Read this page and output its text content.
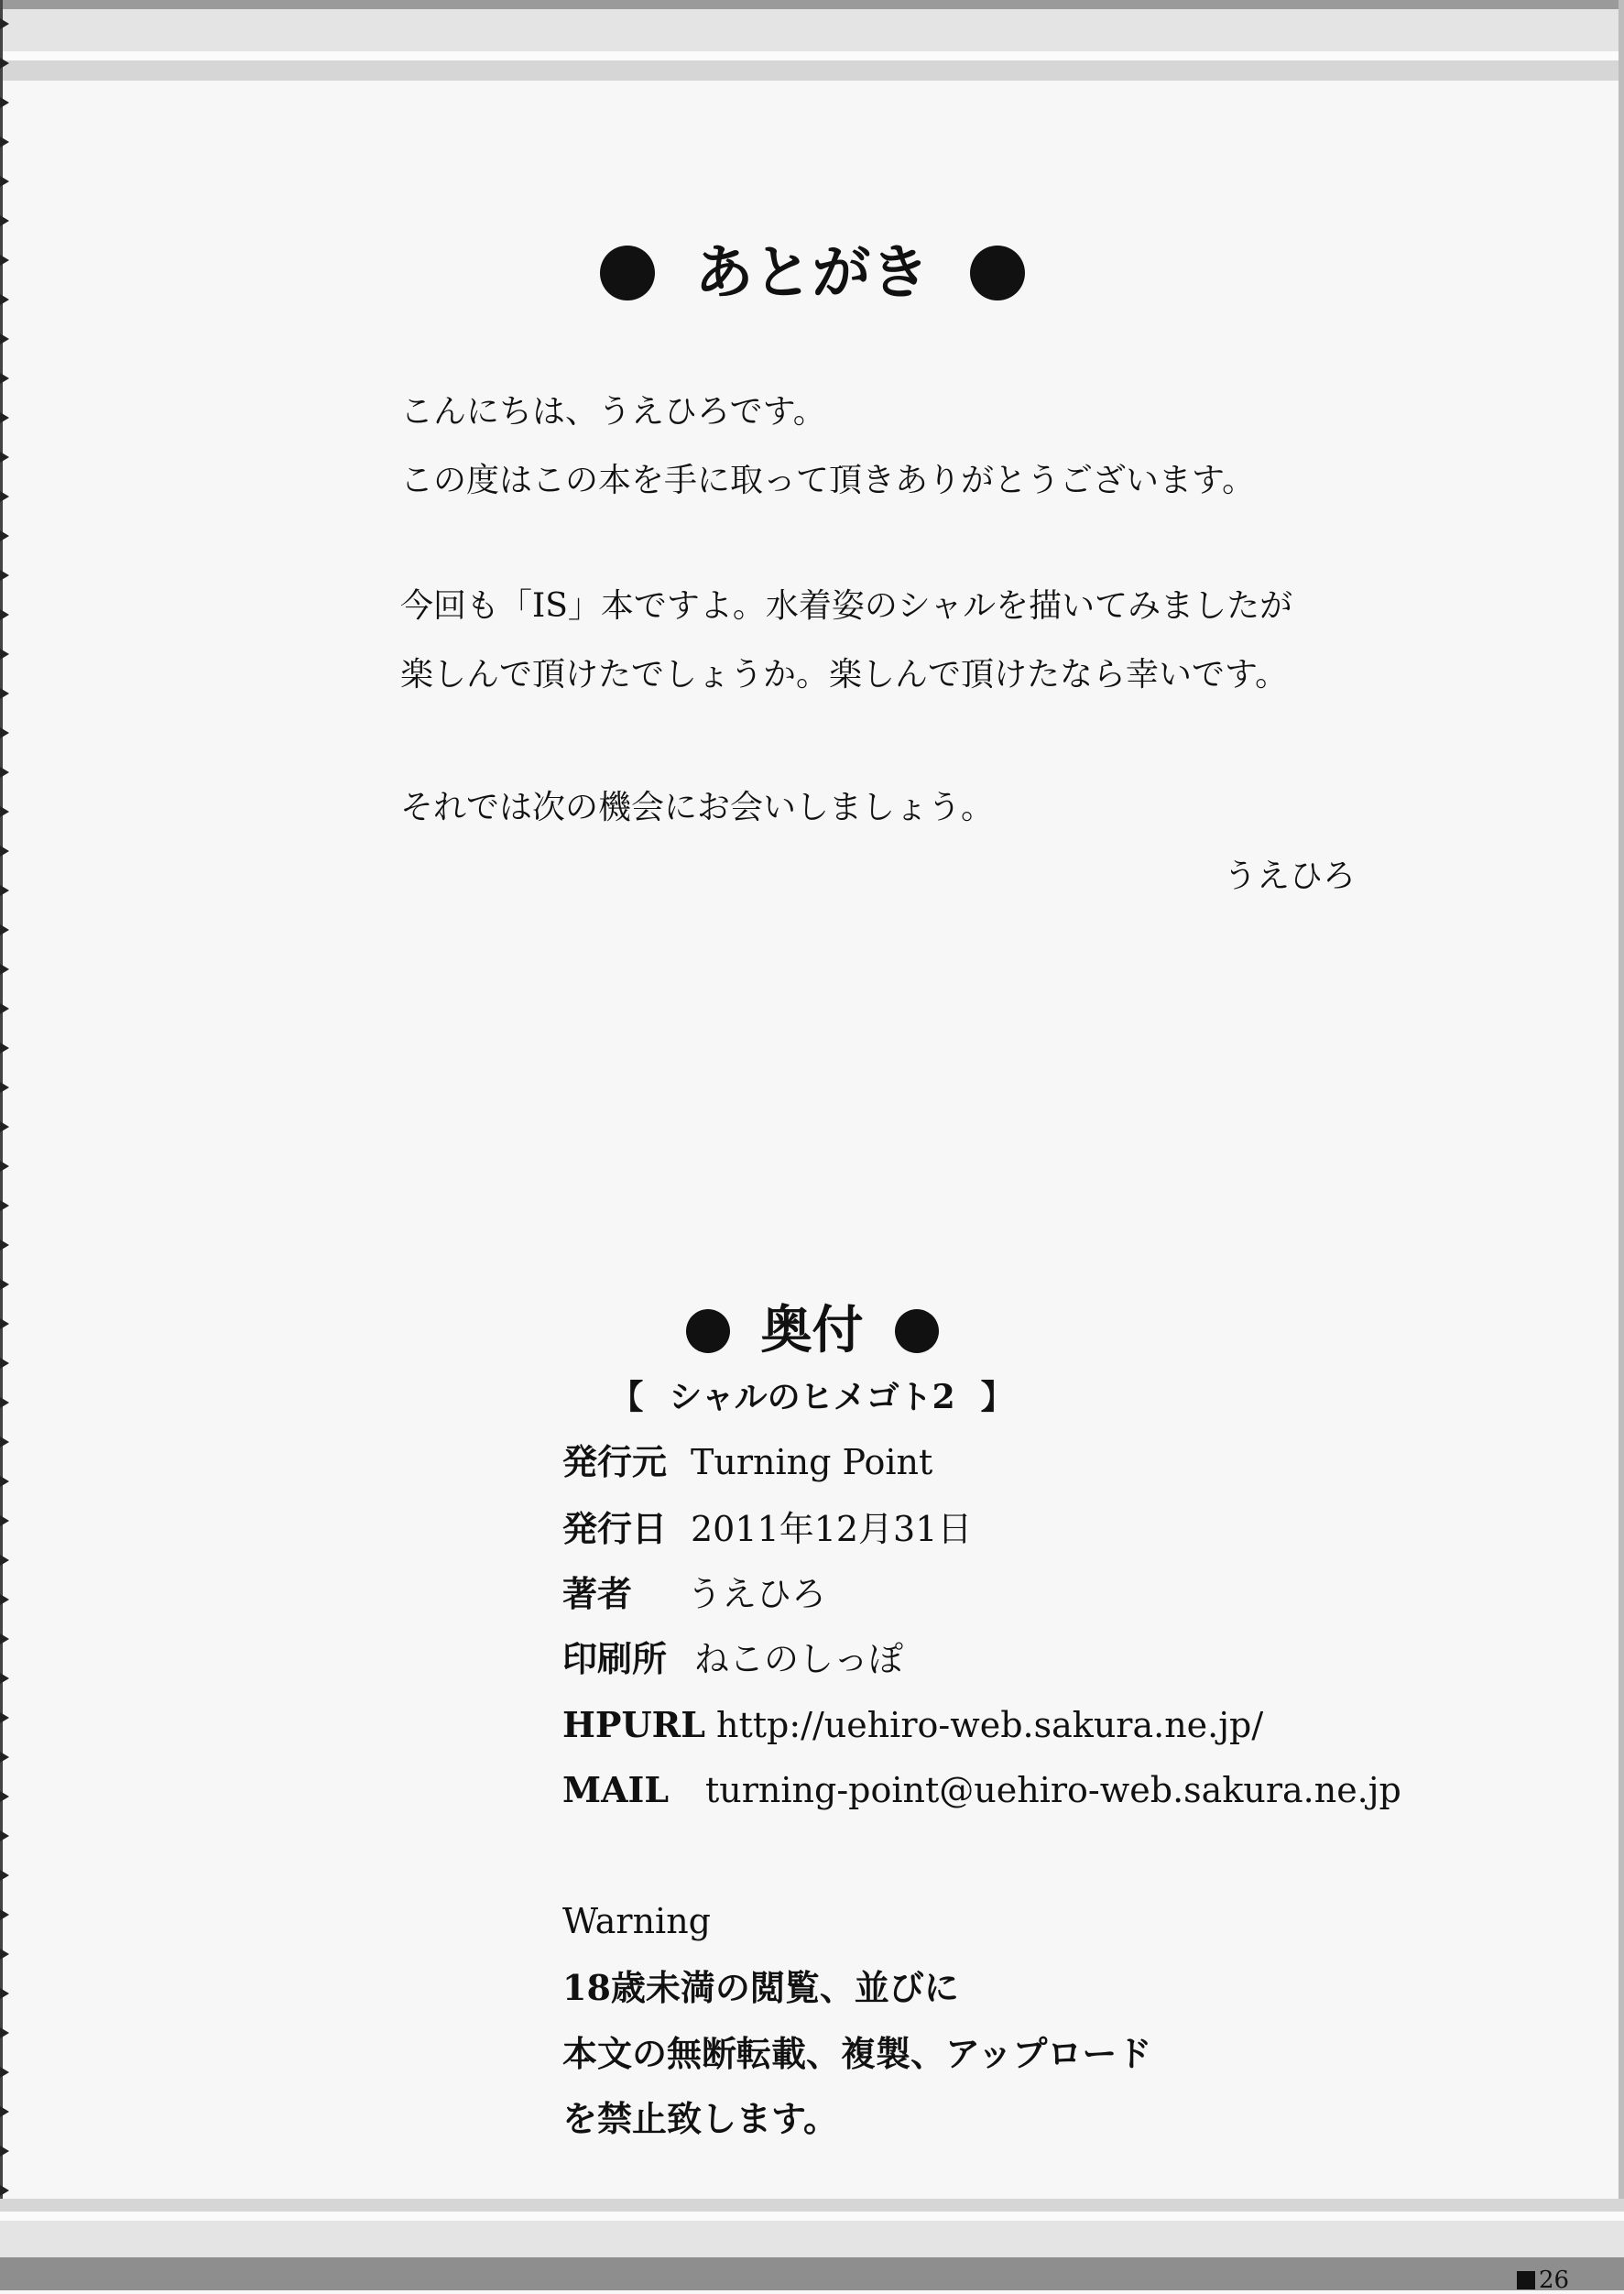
あとがき
こんにちは、うえひろです。
この度はこの本を手に取って頂きありがとうございます。
今回も「IS」本ですよ。水着姿のシャルを描いてみましたが
楽しんで頂けたでしょうか。楽しんで頂けたなら幸いです。
それでは次の機会にお会いしましょう。
うえひろ
奥付
【 シャルのヒメゴト2 】
発行元 Turning Point
発行日 2011年12月31日
著者 うえひろ
印刷所 ねこのしっぽ
HPURL http://uehiro-web.sakura.ne.jp/
MAIL turning-point@uehiro-web.sakura.ne.jp
Warning
18歳未満の閲覧、並びに
本文の無断転載、複製、アップロード
を禁止致します。
26
